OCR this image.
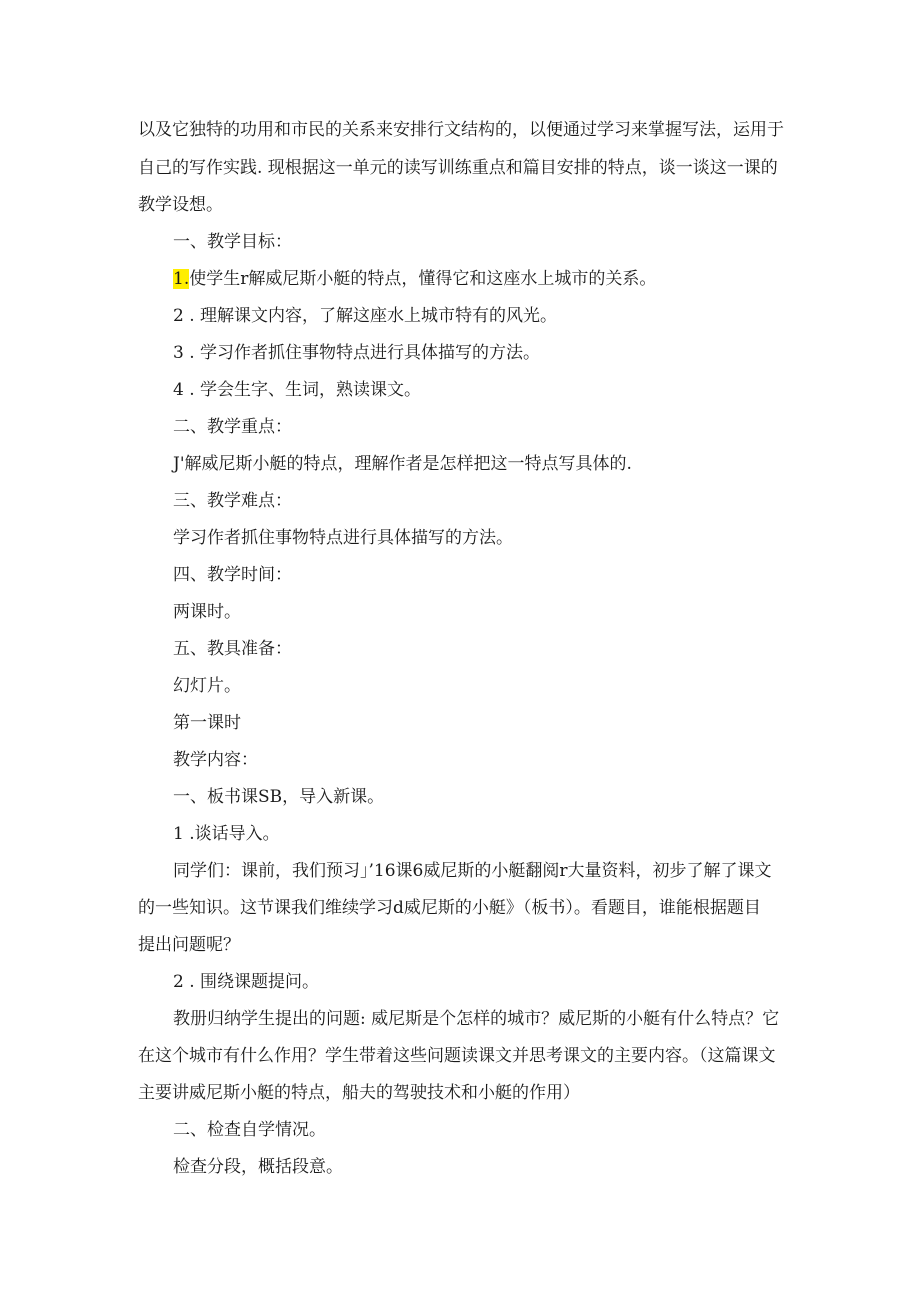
以及它独特的功用和市民的关系来安排行文结构的，以便通过学习来掌握写法，运用于

自己的写作实践. 现根据这一单元的读写训练重点和篇目安排的特点，谈一谈这一课的

教学设想。

一、教学目标：

1.使学生r解威尼斯小艇的特点，懂得它和这座水上城市的关系。

2 . 理解课文内容，了解这座水上城市特有的风光。

3 . 学习作者抓住事物特点进行具体描写的方法。

4 . 学会生字、生词，熟读课文。

二、教学重点：

J'解威尼斯小艇的特点，理解作者是怎样把这一特点写具体的.

三、教学难点：

学习作者抓住事物特点进行具体描写的方法。

四、教学时间：

两课时。

五、教具准备：

幻灯片。

第一课时

教学内容：

一、板书课SB，导入新课。

1 .谈话导入。

同学们：课前，我们预习」’16课6威尼斯的小艇翻阅r大量资料，初步了解了课文

的一些知识。这节课我们维续学习d威尼斯的小艇》（板书）。看题目，谁能根据题目

提出问题呢？

2 . 围绕课题提问。

教册归纳学生提出的问题: 威尼斯是个怎样的城市？威尼斯的小艇有什么特点？它

在这个城市有什么作用？学生带着这些问题读课文并思考课文的主要内容。（这篇课文

主要讲威尼斯小艇的特点，船夫的驾驶技术和小艇的作用）

二、检查自学情况。

检查分段，概括段意。
